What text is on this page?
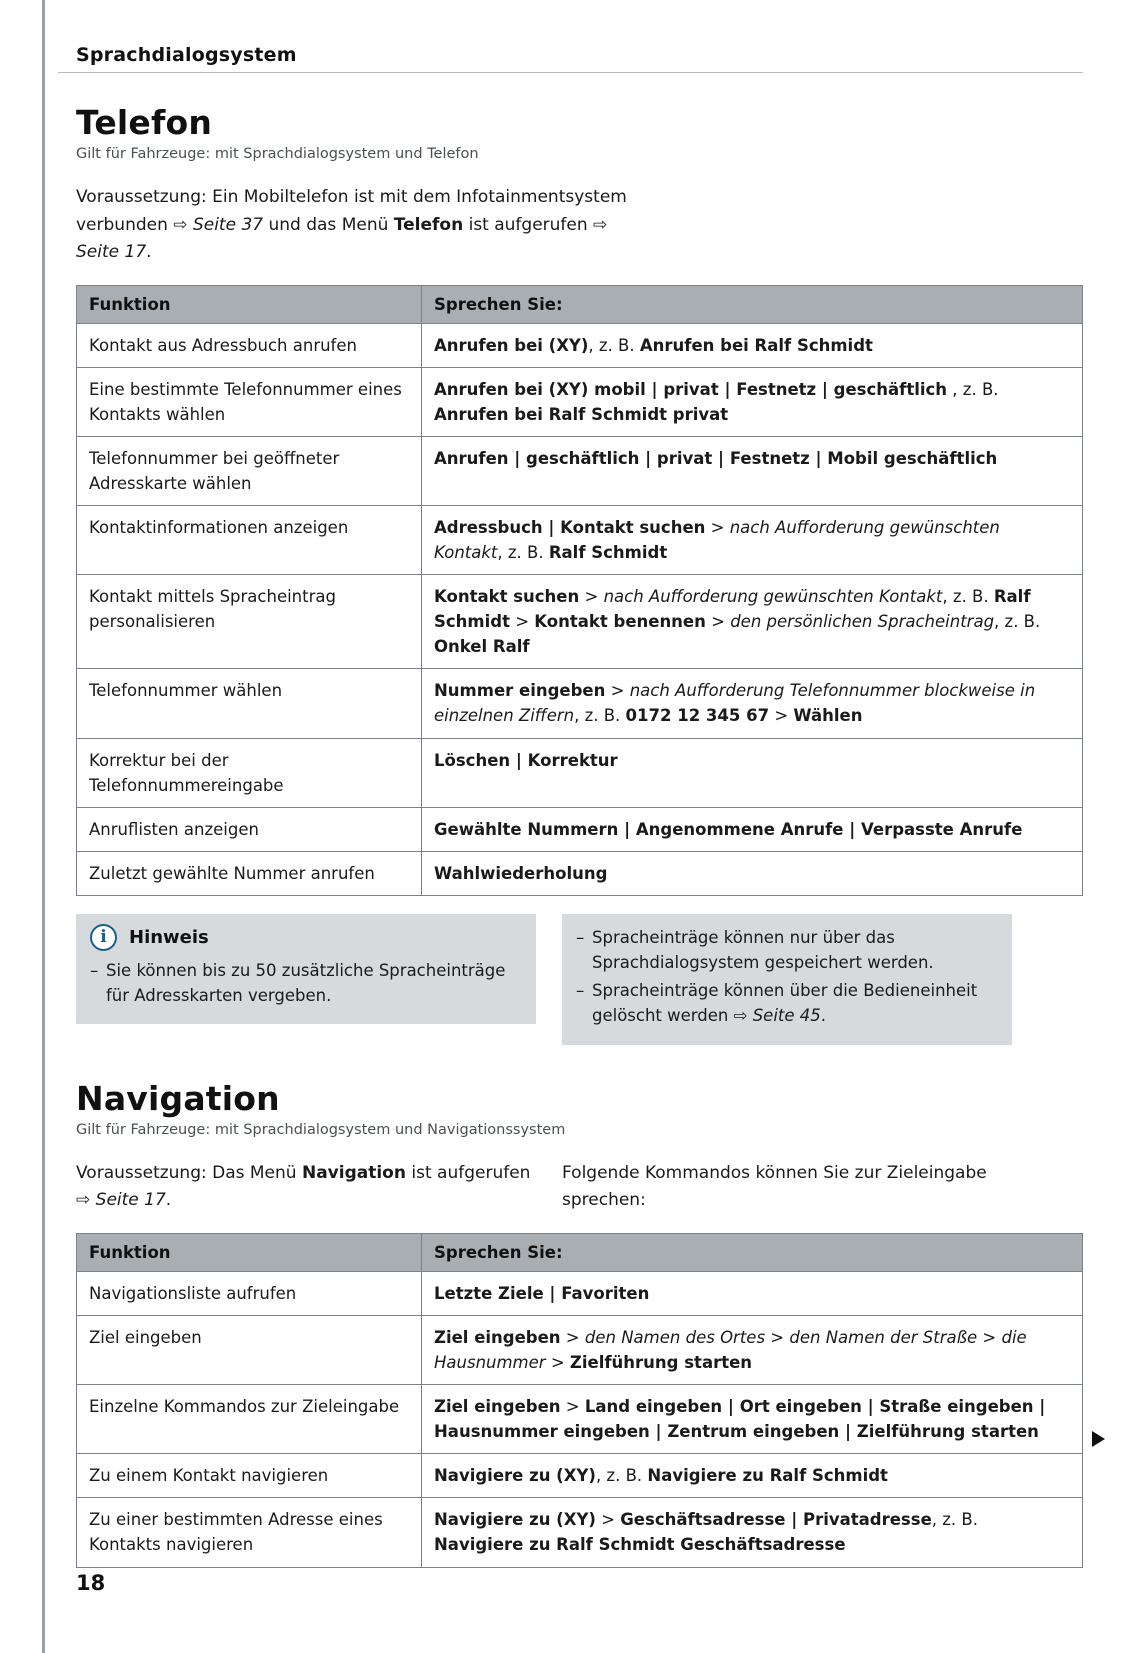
Sprachdialogsystem
Telefon
Gilt für Fahrzeuge: mit Sprachdialogsystem und Telefon

Voraussetzung: Ein Mobiltelefon ist mit dem Infotainmentsystem verbunden ⇨ Seite 37 und das Menü Telefon ist aufgerufen ⇨ Seite 17.

Funktion	Sprechen Sie:
Kontakt aus Adressbuch anrufen	Anrufen bei (XY), z. B. Anrufen bei Ralf Schmidt
Eine bestimmte Telefonnummer eines Kontakts wählen	Anrufen bei (XY) mobil | privat | Festnetz | geschäftlich , z. B. Anrufen bei Ralf Schmidt privat
Telefonnummer bei geöffneter Adresskarte wählen	Anrufen | geschäftlich | privat | Festnetz | Mobil geschäftlich
Kontaktinformationen anzeigen	Adressbuch | Kontakt suchen > nach Aufforderung gewünschten Kontakt, z. B. Ralf Schmidt
Kontakt mittels Spracheintrag personalisieren	Kontakt suchen > nach Aufforderung gewünschten Kontakt, z. B. Ralf Schmidt > Kontakt benennen > den persönlichen Spracheintrag, z. B. Onkel Ralf
Telefonnummer wählen	Nummer eingeben > nach Aufforderung Telefonnummer blockweise in einzelnen Ziffern, z. B. 0172 12 345 67 > Wählen
Korrektur bei der Telefonnummereingabe	Löschen | Korrektur
Anruflisten anzeigen	Gewählte Nummern | Angenommene Anrufe | Verpasste Anrufe
Zuletzt gewählte Nummer anrufen	Wahlwiederholung
i	Hinweis
– Sie können bis zu 50 zusätzliche Spracheinträge für Adresskarten vergeben.
– Spracheinträge können nur über das Sprachdialogsystem gespeichert werden.
– Spracheinträge können über die Bedieneinheit gelöscht werden ⇨ Seite 45.
Navigation
Gilt für Fahrzeuge: mit Sprachdialogsystem und Navigationssystem

Voraussetzung: Das Menü Navigation ist aufgerufen ⇨ Seite 17.

Folgende Kommandos können Sie zur Zieleingabe sprechen:

Funktion	Sprechen Sie:
Navigationsliste aufrufen	Letzte Ziele | Favoriten
Ziel eingeben	Ziel eingeben > den Namen des Ortes > den Namen der Straße > die Hausnummer > Zielführung starten
Einzelne Kommandos zur Zieleingabe	Ziel eingeben > Land eingeben | Ort eingeben | Straße eingeben | Hausnummer eingeben | Zentrum eingeben | Zielführung starten
Zu einem Kontakt navigieren	Navigiere zu (XY), z. B. Navigiere zu Ralf Schmidt
Zu einer bestimmten Adresse eines Kontakts navigieren	Navigiere zu (XY) > Geschäftsadresse | Privatadresse, z. B. Navigiere zu Ralf Schmidt Geschäftsadresse
18
